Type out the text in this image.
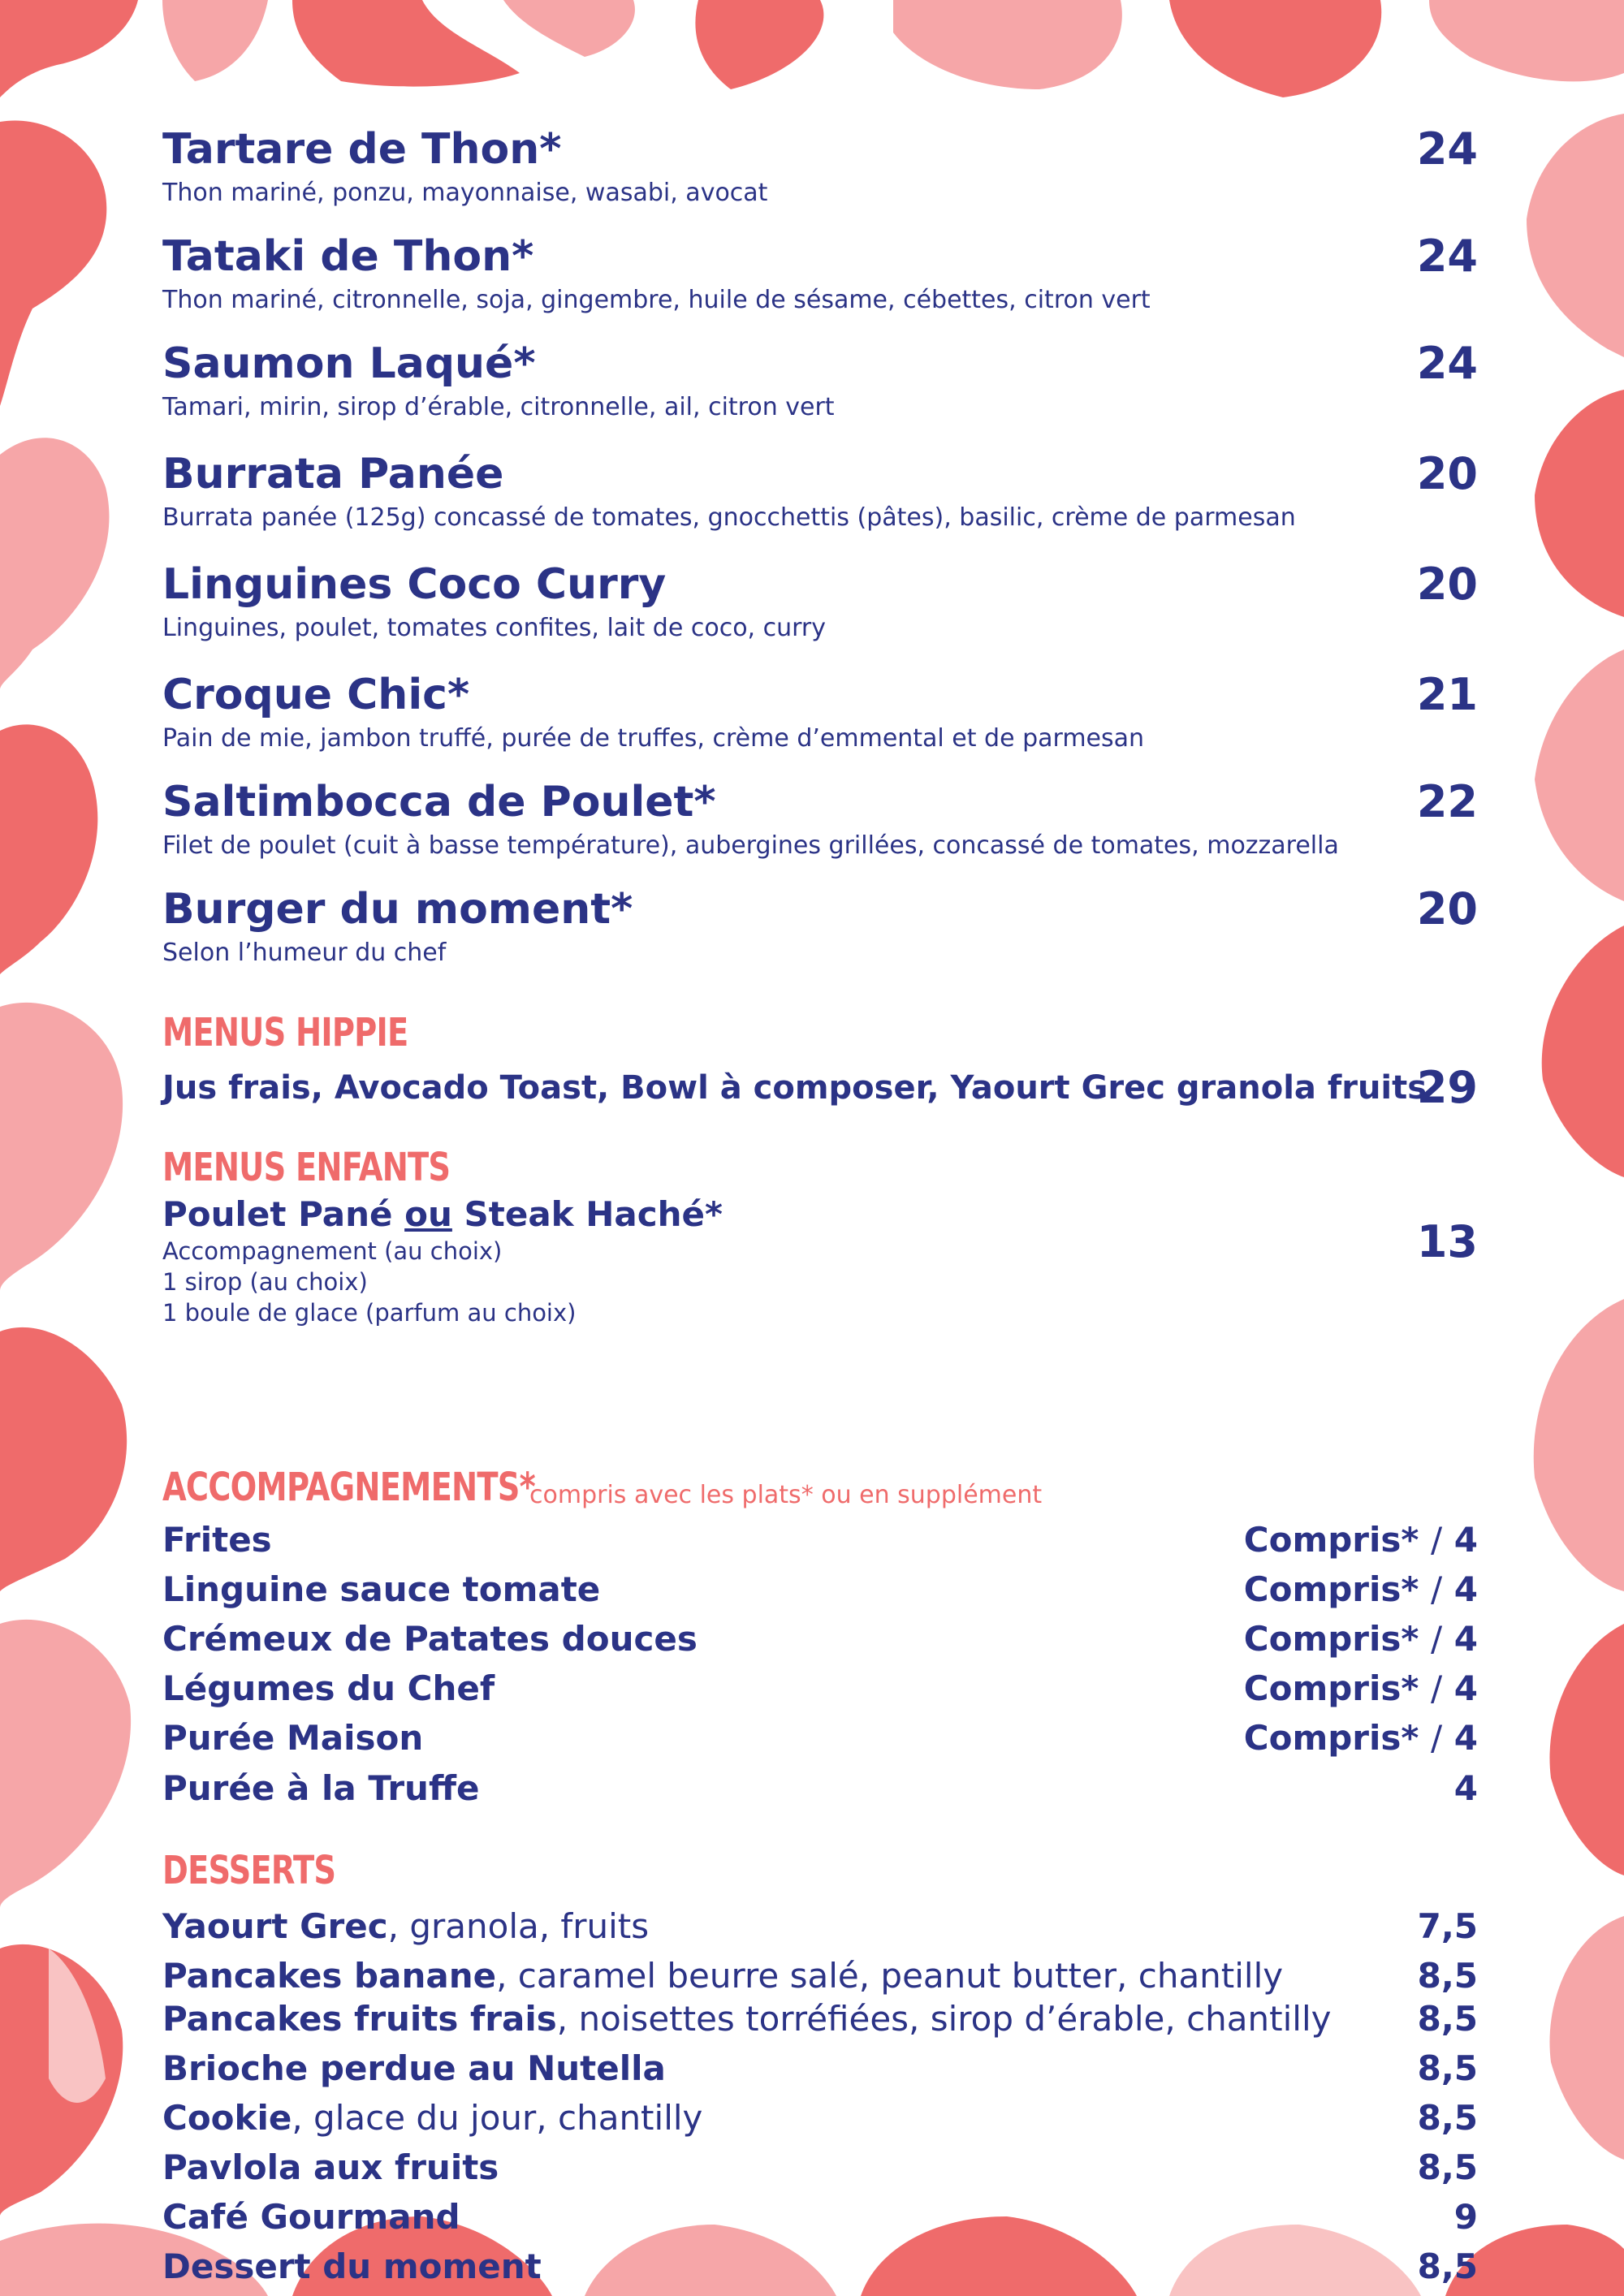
Tartare de Thon*
Thon mariné, ponzu, mayonnaise, wasabi, avocat
24
Tataki de Thon*
Thon mariné, citronnelle, soja, gingembre, huile de sésame, cébettes, citron vert
24
Saumon Laqué*
Tamari, mirin, sirop d’érable, citronnelle, ail, citron vert
24
Burrata Panée
Burrata panée (125g) concassé de tomates, gnocchettis (pâtes), basilic, crème de parmesan
20
Linguines Coco Curry
Linguines, poulet, tomates confites, lait de coco, curry
20
Croque Chic*
Pain de mie, jambon truffé, purée de truffes, crème d’emmental et de parmesan
21
Saltimbocca de Poulet*
Filet de poulet (cuit à basse température), aubergines grillées, concassé de tomates, mozzarella
22
Burger du moment*
Selon l’humeur du chef
20
MENUS HIPPIE
Jus frais, Avocado Toast, Bowl à composer, Yaourt Grec granola fruits
29
MENUS ENFANTS
Poulet Pané ou Steak Haché*
Accompagnement (au choix)
1 sirop (au choix)
1 boule de glace (parfum au choix)
13
ACCOMPAGNEMENTS*
compris avec les plats* ou en supplément
Frites	Compris* / 4
Linguine sauce tomate	Compris* / 4
Crémeux de Patates douces	Compris* / 4
Légumes du Chef	Compris* / 4
Purée Maison	Compris* / 4
Purée à la Truffe	4
DESSERTS
Yaourt Grec, granola, fruits	7,5
Pancakes banane, caramel beurre salé, peanut butter, chantilly	8,5
Pancakes fruits frais, noisettes torréfiées, sirop d’érable, chantilly	8,5
Brioche perdue au Nutella	8,5
Cookie, glace du jour, chantilly	8,5
Pavlola aux fruits	8,5
Café Gourmand	9
Dessert du moment	8,5
